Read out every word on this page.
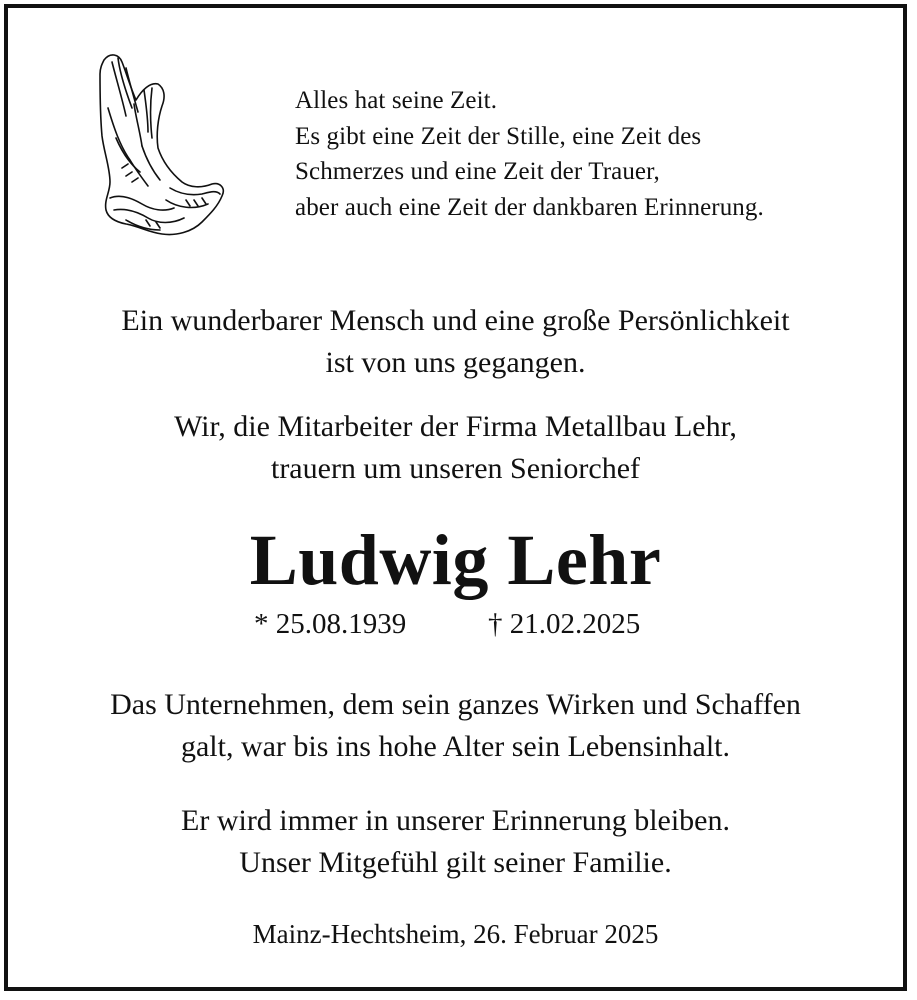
Alles hat seine Zeit.
Es gibt eine Zeit der Stille, eine Zeit des
Schmerzes und eine Zeit der Trauer,
aber auch eine Zeit der dankbaren Erinnerung.
Ein wunderbarer Mensch und eine große Persönlichkeit
ist von uns gegangen.
Wir, die Mitarbeiter der Firma Metallbau Lehr,
trauern um unseren Seniorchef
Ludwig Lehr
* 25.08.1939	† 21.02.2025
Das Unternehmen, dem sein ganzes Wirken und Schaffen
galt, war bis ins hohe Alter sein Lebensinhalt.
Er wird immer in unserer Erinnerung bleiben.
Unser Mitgefühl gilt seiner Familie.
Mainz-Hechtsheim, 26. Februar 2025
